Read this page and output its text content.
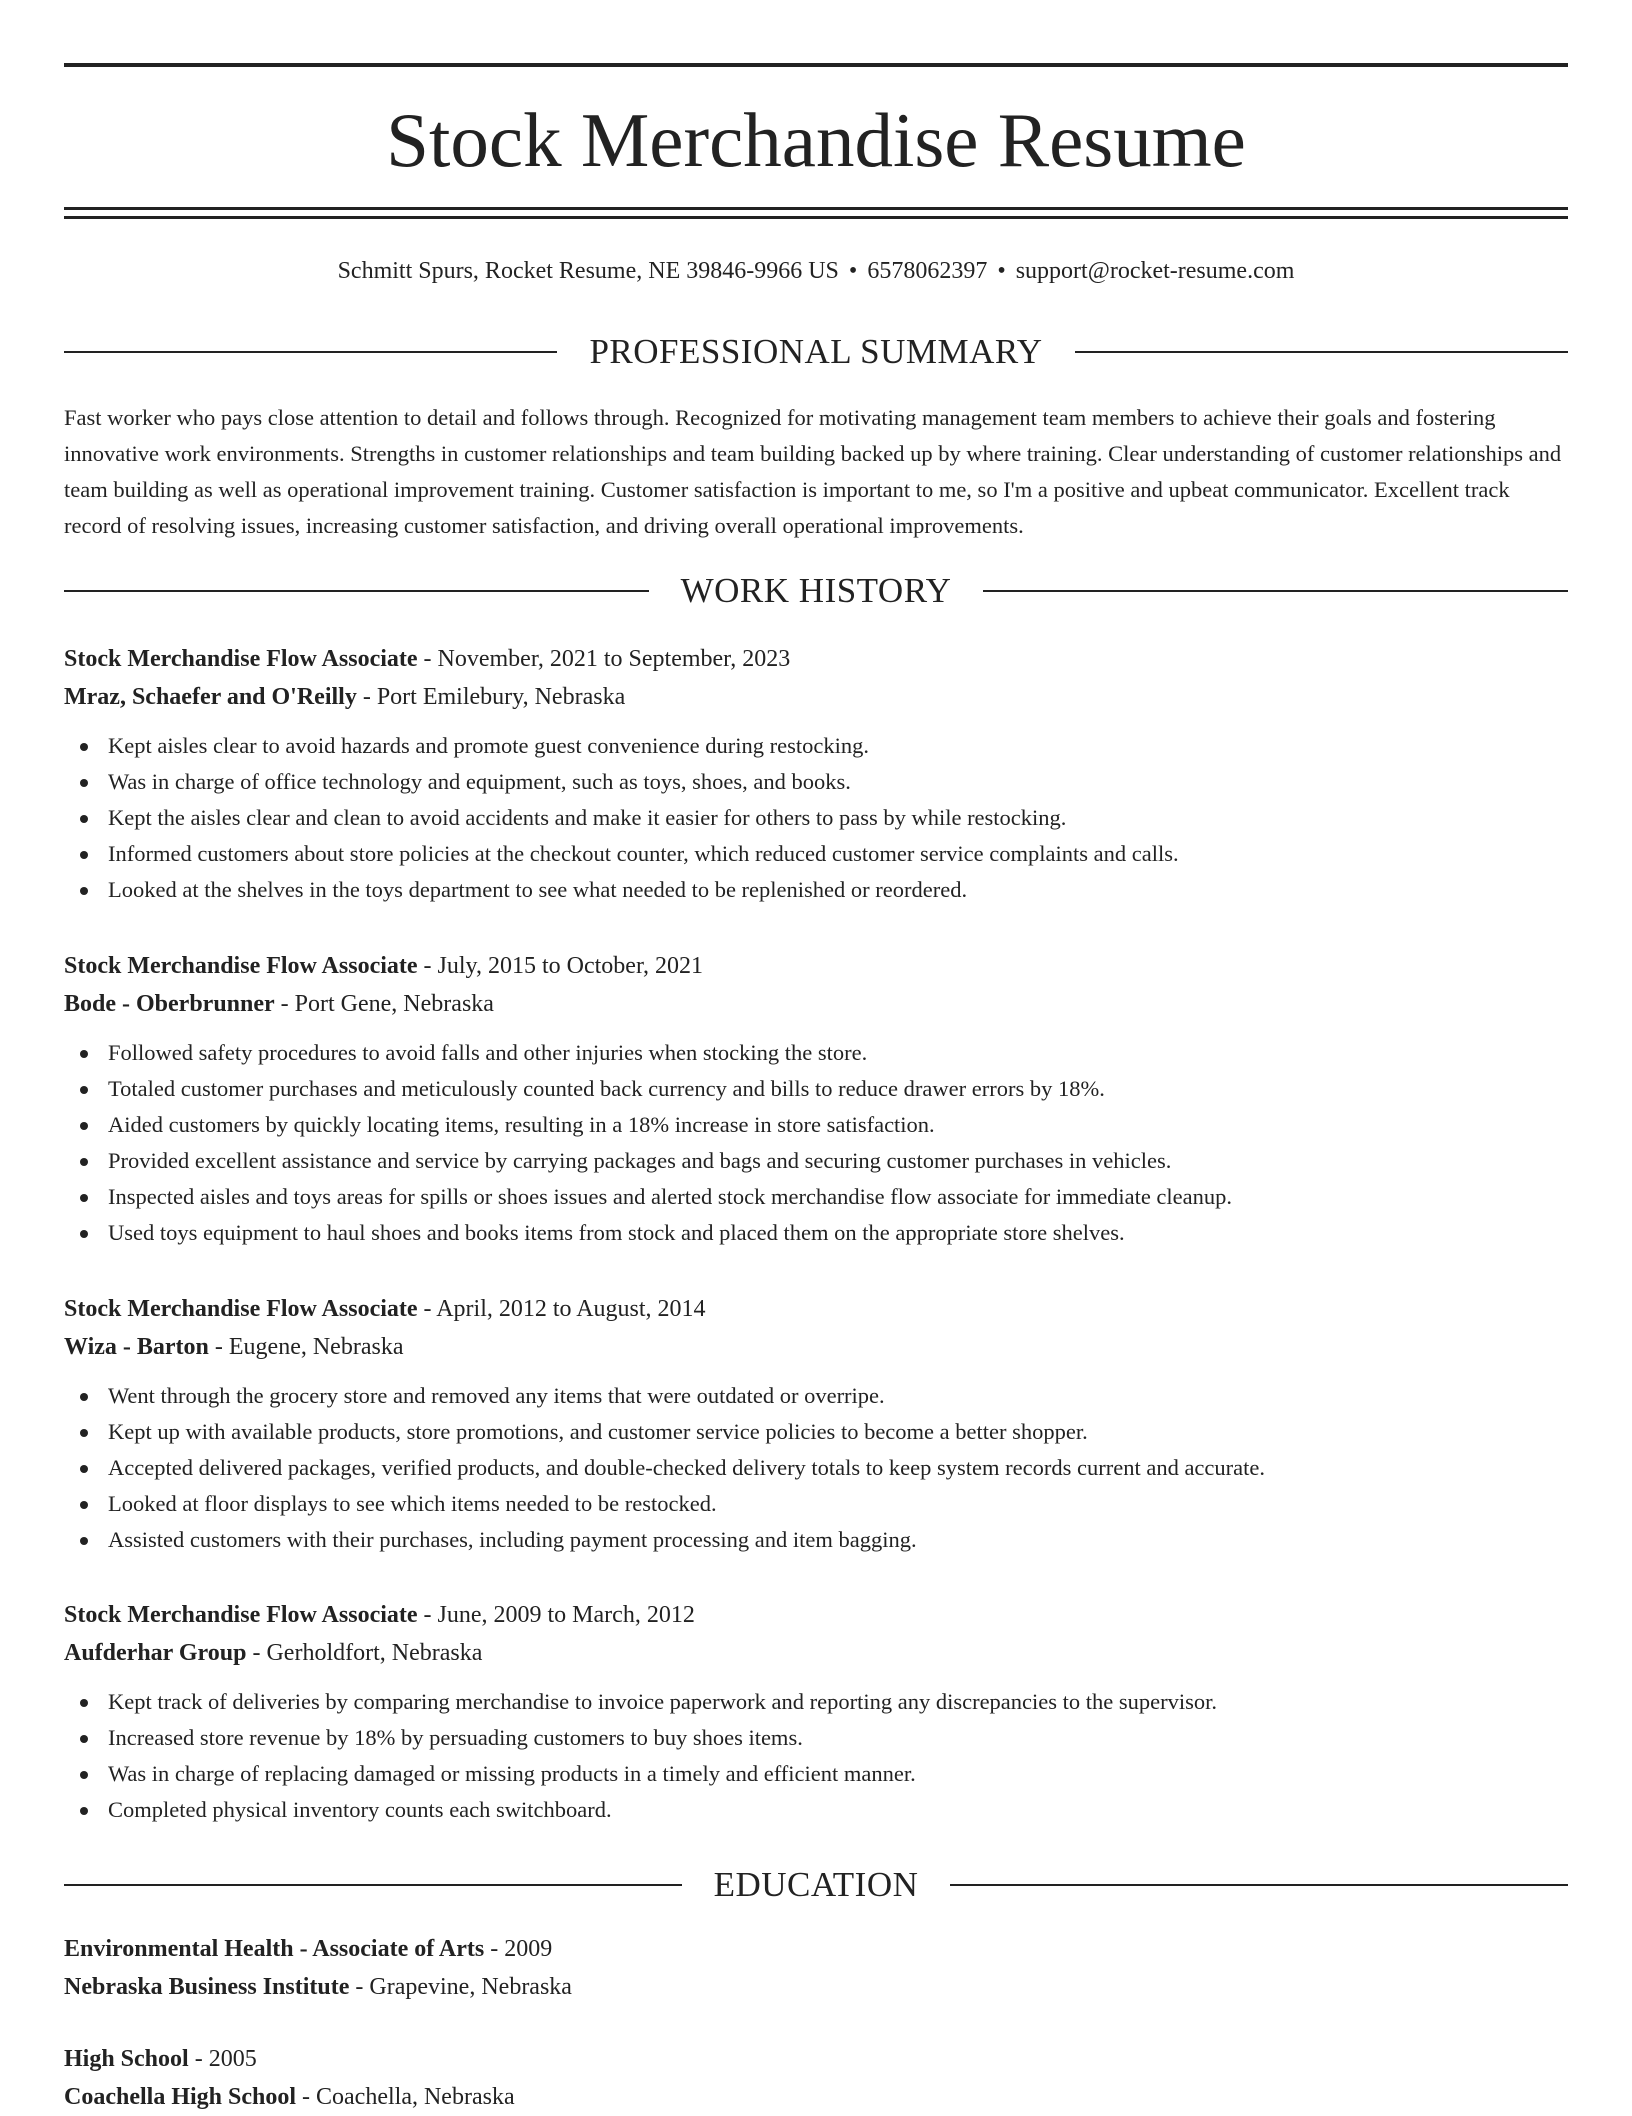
Stock Merchandise Resume
Schmitt Spurs, Rocket Resume, NE 39846-9966 US • 6578062397 • support@rocket-resume.com
PROFESSIONAL SUMMARY

Fast worker who pays close attention to detail and follows through. Recognized for motivating management team members to achieve their goals and fostering innovative work environments. Strengths in customer relationships and team building backed up by where training. Clear understanding of customer relationships and team building as well as operational improvement training. Customer satisfaction is important to me, so I'm a positive and upbeat communicator. Excellent track record of resolving issues, increasing customer satisfaction, and driving overall operational improvements.

WORK HISTORY
Stock Merchandise Flow Associate - November, 2021 to September, 2023
Mraz, Schaefer and O'Reilly - Port Emilebury, Nebraska
Kept aisles clear to avoid hazards and promote guest convenience during restocking.
Was in charge of office technology and equipment, such as toys, shoes, and books.
Kept the aisles clear and clean to avoid accidents and make it easier for others to pass by while restocking.
Informed customers about store policies at the checkout counter, which reduced customer service complaints and calls.
Looked at the shelves in the toys department to see what needed to be replenished or reordered.
Stock Merchandise Flow Associate - July, 2015 to October, 2021
Bode - Oberbrunner - Port Gene, Nebraska
Followed safety procedures to avoid falls and other injuries when stocking the store.
Totaled customer purchases and meticulously counted back currency and bills to reduce drawer errors by 18%.
Aided customers by quickly locating items, resulting in a 18% increase in store satisfaction.
Provided excellent assistance and service by carrying packages and bags and securing customer purchases in vehicles.
Inspected aisles and toys areas for spills or shoes issues and alerted stock merchandise flow associate for immediate cleanup.
Used toys equipment to haul shoes and books items from stock and placed them on the appropriate store shelves.
Stock Merchandise Flow Associate - April, 2012 to August, 2014
Wiza - Barton - Eugene, Nebraska
Went through the grocery store and removed any items that were outdated or overripe.
Kept up with available products, store promotions, and customer service policies to become a better shopper.
Accepted delivered packages, verified products, and double-checked delivery totals to keep system records current and accurate.
Looked at floor displays to see which items needed to be restocked.
Assisted customers with their purchases, including payment processing and item bagging.
Stock Merchandise Flow Associate - June, 2009 to March, 2012
Aufderhar Group - Gerholdfort, Nebraska
Kept track of deliveries by comparing merchandise to invoice paperwork and reporting any discrepancies to the supervisor.
Increased store revenue by 18% by persuading customers to buy shoes items.
Was in charge of replacing damaged or missing products in a timely and efficient manner.
Completed physical inventory counts each switchboard.
EDUCATION
Environmental Health - Associate of Arts - 2009
Nebraska Business Institute - Grapevine, Nebraska
High School - 2005
Coachella High School - Coachella, Nebraska
